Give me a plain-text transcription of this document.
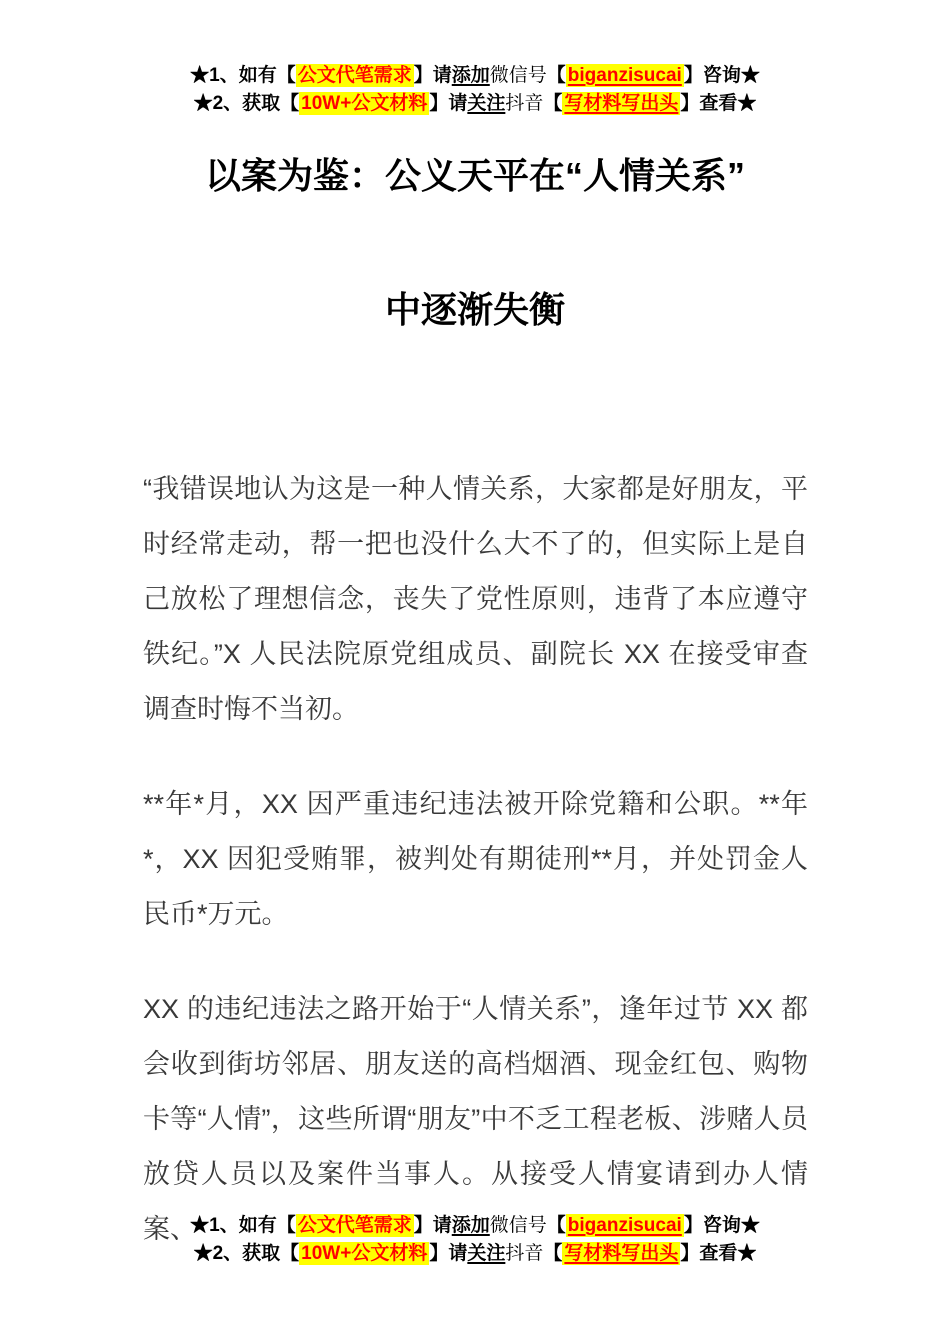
★1、如有【 公文代笔需求 】请添加微信号【 biganzisucai 】咨询★
★2、获取【 10W+公文材料 】请关注抖音【 写材料写出头 】查看★
以案为鉴：公义天平在“人情关系”
中逐渐失衡

“我错误地认为这是一种人情关系，大家都是好朋友，平时经常走动，帮一把也没什么大不了的，但实际上是自己放松了理想信念，丧失了党性原则，违背了本应遵守铁纪。”X 人民法院原党组成员、副院长 XX 在接受审查调查时悔不当初。

**年*月，XX 因严重违纪违法被开除党籍和公职。**年*，XX 因犯受贿罪，被判处有期徒刑**月，并处罚金人民币*万元。

XX 的违纪违法之路开始于“人情关系”，逢年过节 XX 都会收到街坊邻居、朋友送的高档烟酒、现金红包、购物卡等“人情”，这些所谓“朋友”中不乏工程老板、涉赌人员放贷人员以及案件当事人。从接受人情宴请到办人情案、

★1、如有【 公文代笔需求 】请添加微信号【 biganzisucai 】咨询★
★2、获取【 10W+公文材料 】请关注抖音【 写材料写出头 】查看★
